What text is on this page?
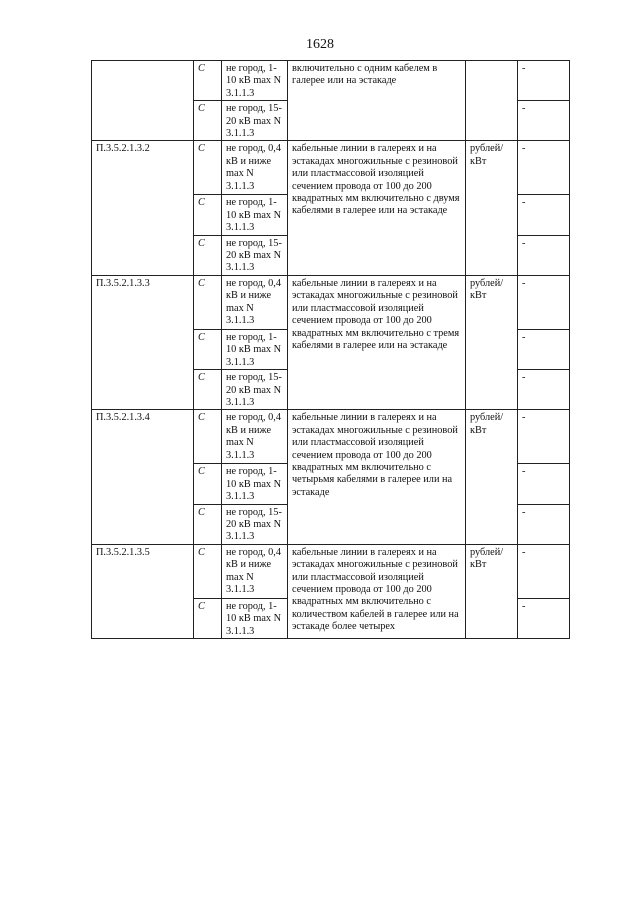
1628
	C	не город, 1-10 кВ max N 3.1.1.3	включительно с одним кабелем в галерее или на эстакаде		-
	C	не город, 15-20 кВ max N 3.1.1.3			-
П.3.5.2.1.3.2	C	не город, 0,4 кВ и ниже max N 3.1.1.3	кабельные линии в галереях и на эстакадах многожильные с резиновой или пластмассовой изоляцией сечением провода от 100 до 200 квадратных мм включительно с двумя кабелями в галерее или на эстакаде	рублей/ кВт	-
	C	не город, 1-10 кВ max N 3.1.1.3			-
	C	не город, 15-20 кВ max N 3.1.1.3			-
П.3.5.2.1.3.3	C	не город, 0,4 кВ и ниже max N 3.1.1.3	кабельные линии в галереях и на эстакадах многожильные с резиновой или пластмассовой изоляцией сечением провода от 100 до 200 квадратных мм включительно с тремя кабелями в галерее или на эстакаде	рублей/ кВт	-
	C	не город, 1-10 кВ max N 3.1.1.3			-
	C	не город, 15-20 кВ max N 3.1.1.3			-
П.3.5.2.1.3.4	C	не город, 0,4 кВ и ниже max N 3.1.1.3	кабельные линии в галереях и на эстакадах многожильные с резиновой или пластмассовой изоляцией сечением провода от 100 до 200 квадратных мм включительно с четырьмя кабелями в галерее или на эстакаде	рублей/ кВт	-
	C	не город, 1-10 кВ max N 3.1.1.3			-
	C	не город, 15-20 кВ max N 3.1.1.3			-
П.3.5.2.1.3.5	C	не город, 0,4 кВ и ниже max N 3.1.1.3	кабельные линии в галереях и на эстакадах многожильные с резиновой или пластмассовой изоляцией сечением провода от 100 до 200 квадратных мм включительно с количеством кабелей в галерее или на эстакаде более четырех	рублей/ кВт	-
	C	не город, 1-10 кВ max N 3.1.1.3			-
